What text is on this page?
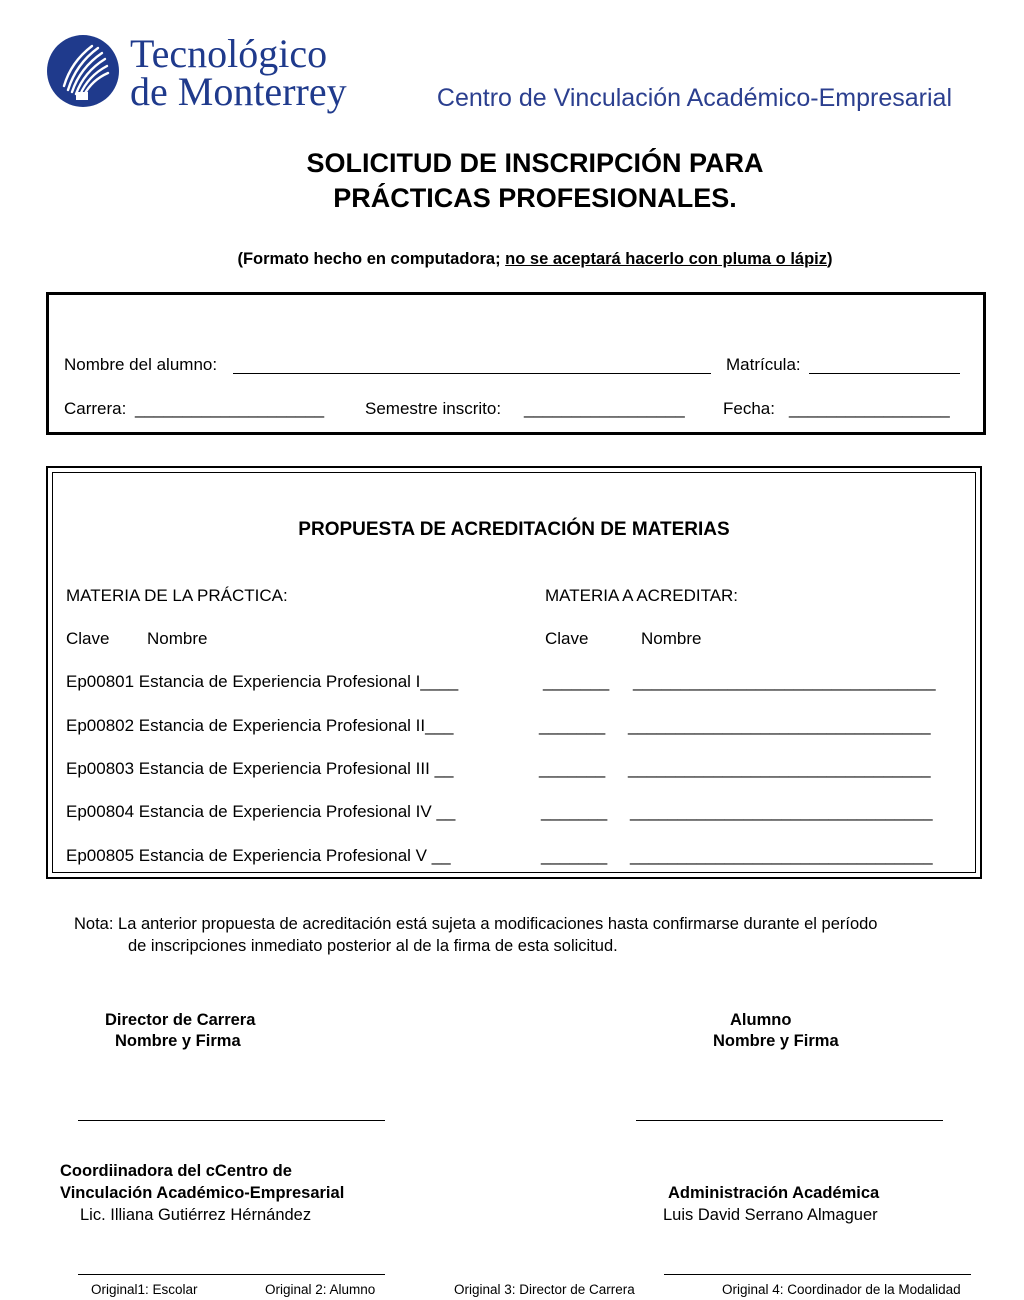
Tecnológico
de Monterrey	Centro de Vinculación Académico-Empresarial
SOLICITUD DE INSCRIPCIÓN PARA
PRÁCTICAS PROFESIONALES.
(Formato hecho en computadora; no se aceptará hacerlo con pluma o lápiz)
Nombre del alumno:	Matrícula:
Carrera: ____________________ Semestre inscrito: _________________ Fecha: _________________
PROPUESTA DE ACREDITACIÓN DE MATERIAS
MATERIA DE LA PRÁCTICA:	MATERIA A ACREDITAR:
Clave Nombre	Clave	Nombre
Ep00801 Estancia de Experiencia Profesional I____	_______ ________________________________
Ep00802 Estancia de Experiencia Profesional II___	_______ ________________________________
Ep00803 Estancia de Experiencia Profesional III __	_______ ________________________________
Ep00804 Estancia de Experiencia Profesional IV __	_______ ________________________________
Ep00805 Estancia de Experiencia Profesional V __	_______ ________________________________
Nota: La anterior propuesta de acreditación está sujeta a modificaciones hasta confirmarse durante el período
de inscripciones inmediato posterior al de la firma de esta solicitud.
Director de Carrera
Nombre y Firma
Alumno
Nombre y Firma
Coordiinadora del cCentro de
Vinculación Académico-Empresarial
Lic. Illiana Gutiérrez Hérnández
Administración Académica
Luis David Serrano Almaguer
Original1: Escolar	Original 2: Alumno	Original 3: Director de Carrera	Original 4: Coordinador de la Modalidad
